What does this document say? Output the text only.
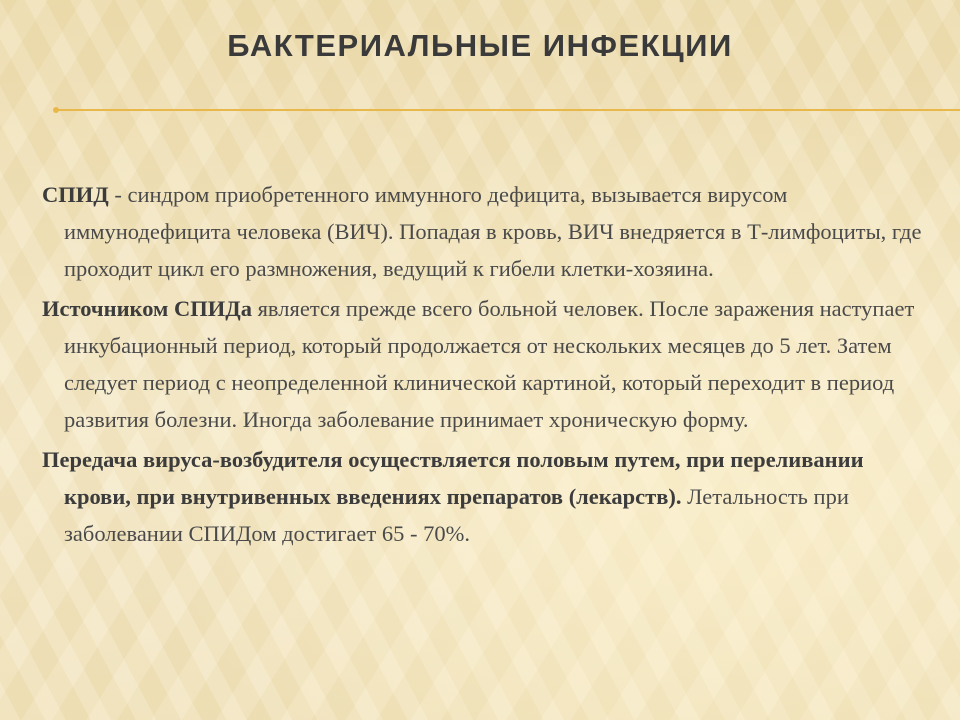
БАКТЕРИАЛЬНЫЕ ИНФЕКЦИИ

СПИД - синдром приобретенного иммунного дефицита, вызывается вирусом иммунодефицита человека (ВИЧ). Попадая в кровь, ВИЧ внедряется в Т-лимфоциты, где проходит цикл его размножения, ведущий к гибели клетки-хозяина.

Источником СПИДа является прежде всего больной человек. После заражения наступает инкубационный период, который продолжается от нескольких месяцев до 5 лет. Затем следует период с неопределенной клинической картиной, который переходит в период развития болезни. Иногда заболевание принимает хроническую форму.

Передача вируса-возбудителя осуществляется половым путем, при переливании крови, при внутривенных введениях препаратов (лекарств). Летальность при заболевании СПИДом достигает 65 - 70%.
